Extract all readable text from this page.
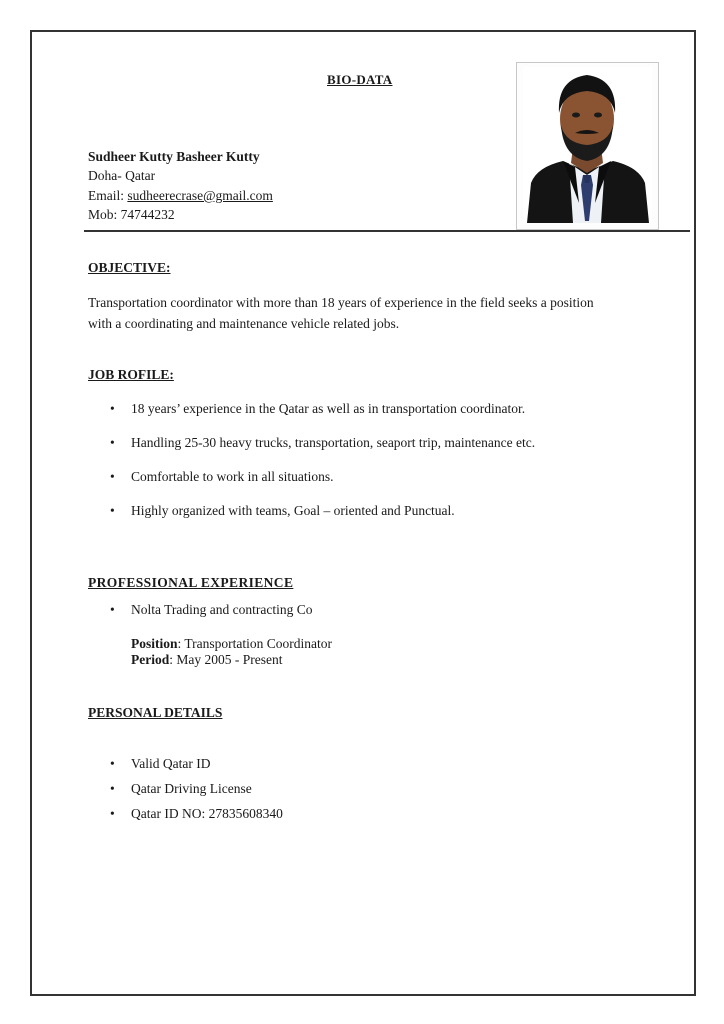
BIO-DATA
Sudheer Kutty Basheer Kutty
Doha- Qatar
Email: sudheerecrase@gmail.com
Mob: 74744232
OBJECTIVE:
Transportation coordinator with more than 18 years of experience in the field seeks a position
with a coordinating and maintenance vehicle related jobs.
JOB ROFILE:
• 18 years’ experience in the Qatar as well as in transportation coordinator.
• Handling 25-30 heavy trucks, transportation, seaport trip, maintenance etc.
• Comfortable to work in all situations.
• Highly organized with teams, Goal – oriented and Punctual.
PROFESSIONAL EXPERIENCE
• Nolta Trading and contracting Co
Position: Transportation Coordinator
Period: May 2005 - Present
PERSONAL DETAILS
• Valid Qatar ID
• Qatar Driving License
• Qatar ID NO: 27835608340
